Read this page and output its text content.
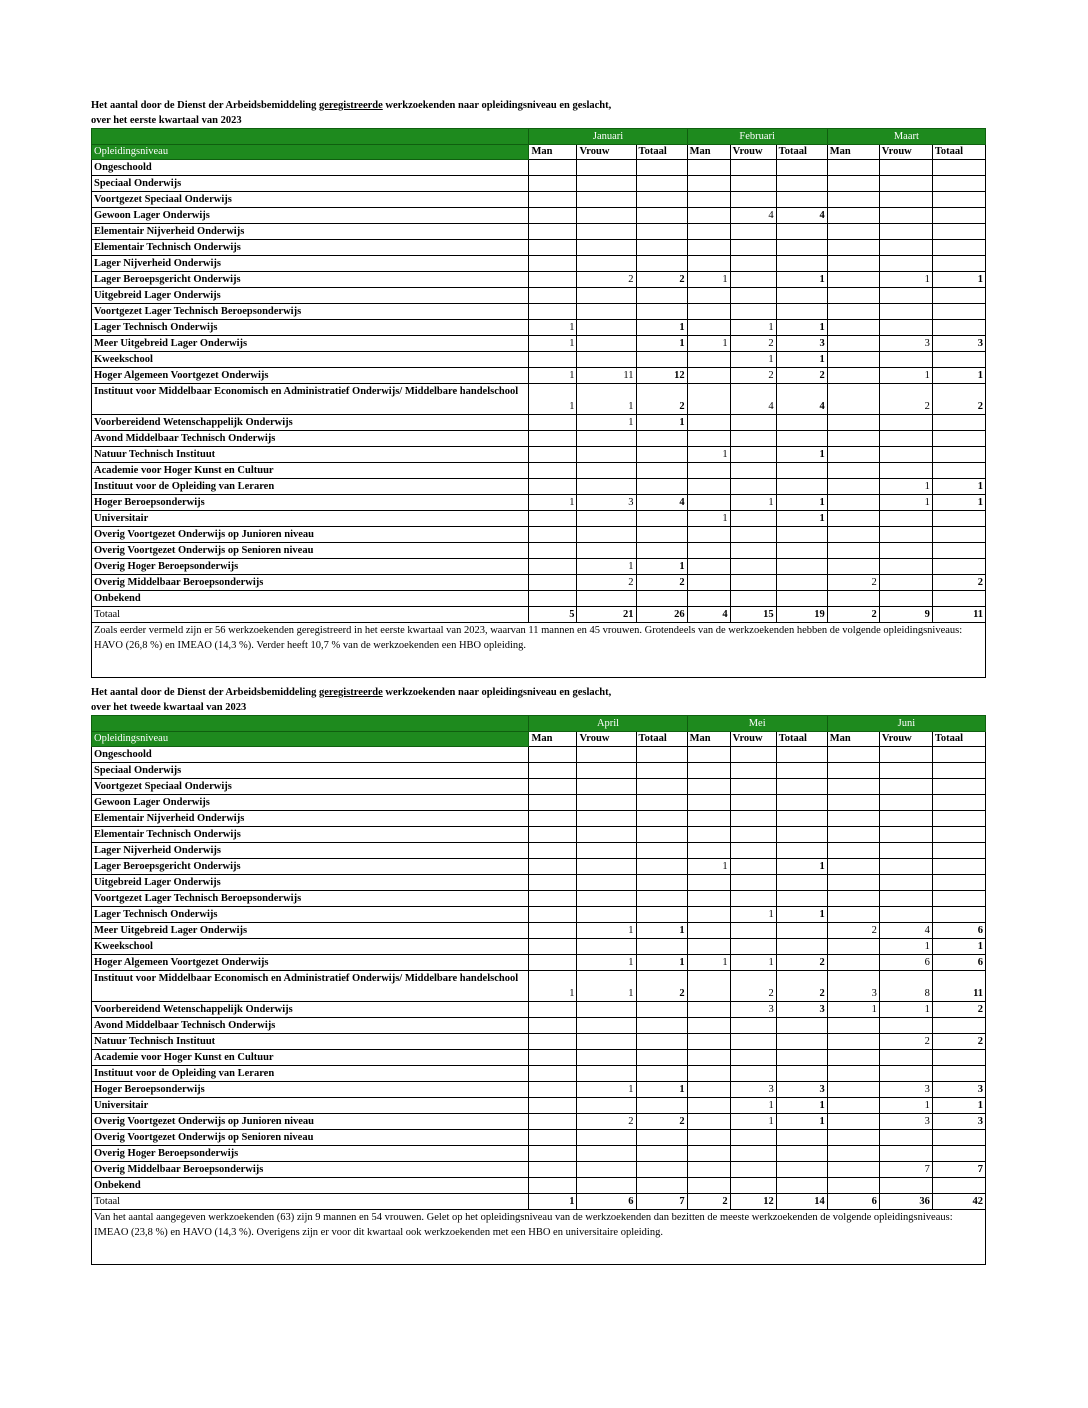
Het aantal door de Dienst der Arbeidsbemiddeling geregistreerde werkzoekenden naar opleidingsniveau en geslacht,
over het eerste kwartaal van 2023
	Januari			Februari			Maart		
Opleidingsniveau	Man	Vrouw	Totaal	Man	Vrouw	Totaal	Man	Vrouw	Totaal
Ongeschoold									
Speciaal Onderwijs									
Voortgezet Speciaal Onderwijs									
Gewoon Lager Onderwijs					4	4			
Elementair Nijverheid Onderwijs									
Elementair Technisch Onderwijs									
Lager Nijverheid Onderwijs									
Lager Beroepsgericht Onderwijs		2	2	1		1		1	1
Uitgebreid Lager Onderwijs									
Voortgezet Lager Technisch Beroepsonderwijs									
Lager Technisch Onderwijs	1		1		1	1			
Meer Uitgebreid Lager Onderwijs	1		1	1	2	3		3	3
Kweekschool					1	1			
Hoger Algemeen Voortgezet Onderwijs	1	11	12		2	2		1	1
Instituut voor Middelbaar Economisch en Administratief Onderwijs/ Middelbare handelschool	1	1	2		4	4		2	2
Voorbereidend Wetenschappelijk Onderwijs		1	1						
Avond Middelbaar Technisch Onderwijs									
Natuur Technisch Instituut				1		1			
Academie voor Hoger Kunst en Cultuur									
Instituut voor de Opleiding van Leraren								1	1
Hoger Beroepsonderwijs	1	3	4		1	1		1	1
Universitair				1		1			
Overig Voortgezet Onderwijs op Junioren niveau									
Overig Voortgezet Onderwijs op Senioren niveau									
Overig Hoger Beroepsonderwijs		1	1						
Overig Middelbaar Beroepsonderwijs		2	2				2		2
Onbekend									
Totaal	5	21	26	4	15	19	2	9	11
Zoals eerder vermeld zijn er 56 werkzoekenden geregistreerd in het eerste kwartaal van 2023, waarvan 11 mannen en 45 vrouwen. Grotendeels van de werkzoekenden hebben de volgende opleidingsniveaus: HAVO (26,8 %) en IMEAO (14,3 %). Verder heeft 10,7 % van de werkzoekenden een HBO opleiding.									
Het aantal door de Dienst der Arbeidsbemiddeling geregistreerde werkzoekenden naar opleidingsniveau en geslacht,
over het tweede kwartaal van 2023
	April			Mei			Juni		
Opleidingsniveau	Man	Vrouw	Totaal	Man	Vrouw	Totaal	Man	Vrouw	Totaal
Ongeschoold									
Speciaal Onderwijs									
Voortgezet Speciaal Onderwijs									
Gewoon Lager Onderwijs									
Elementair Nijverheid Onderwijs									
Elementair Technisch Onderwijs									
Lager Nijverheid Onderwijs									
Lager Beroepsgericht Onderwijs				1		1			
Uitgebreid Lager Onderwijs									
Voortgezet Lager Technisch Beroepsonderwijs									
Lager Technisch Onderwijs					1	1			
Meer Uitgebreid Lager Onderwijs		1	1				2	4	6
Kweekschool								1	1
Hoger Algemeen Voortgezet Onderwijs		1	1	1	1	2		6	6
Instituut voor Middelbaar Economisch en Administratief Onderwijs/ Middelbare handelschool	1	1	2		2	2	3	8	11
Voorbereidend Wetenschappelijk Onderwijs					3	3	1	1	2
Avond Middelbaar Technisch Onderwijs									
Natuur Technisch Instituut								2	2
Academie voor Hoger Kunst en Cultuur									
Instituut voor de Opleiding van Leraren									
Hoger Beroepsonderwijs		1	1		3	3		3	3
Universitair					1	1		1	1
Overig Voortgezet Onderwijs op Junioren niveau		2	2		1	1		3	3
Overig Voortgezet Onderwijs op Senioren niveau									
Overig Hoger Beroepsonderwijs									
Overig Middelbaar Beroepsonderwijs								7	7
Onbekend									
Totaal	1	6	7	2	12	14	6	36	42
Van het aantal aangegeven werkzoekenden (63) zijn 9 mannen en 54 vrouwen. Gelet op het opleidingsniveau van de werkzoekenden dan bezitten de meeste werkzoekenden de volgende opleidingsniveaus: IMEAO (23,8 %) en HAVO (14,3 %). Overigens zijn er voor dit kwartaal ook werkzoekenden met een HBO en universitaire opleiding.									
